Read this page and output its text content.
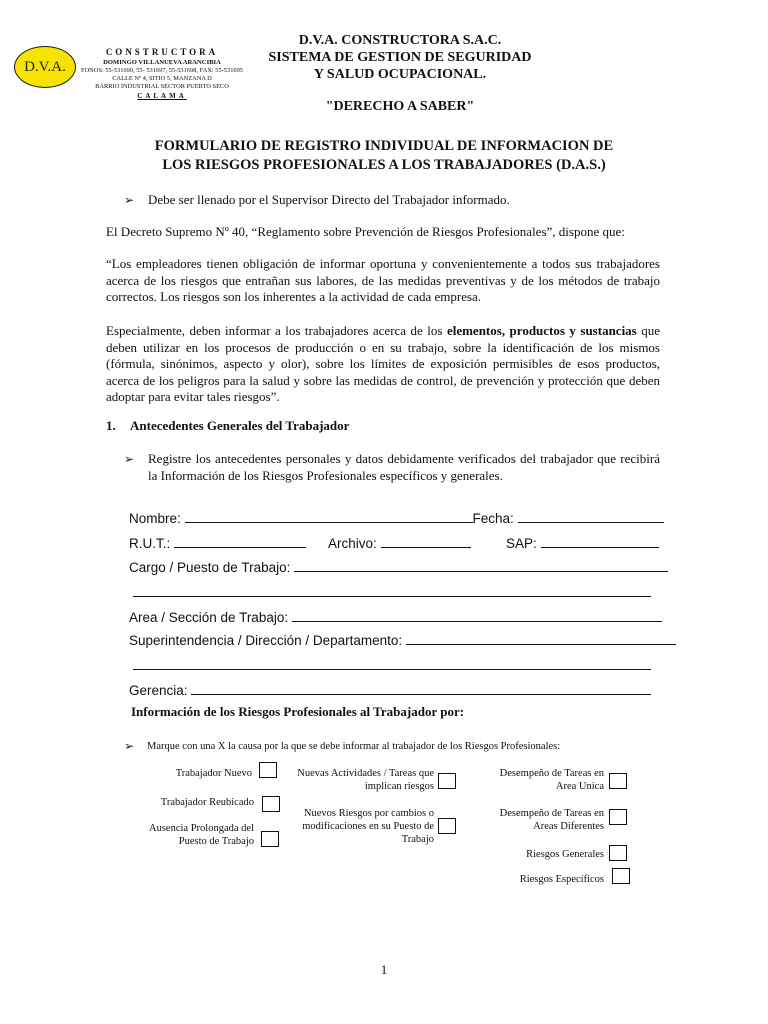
D.V.A.
CONSTRUCTORA
DOMINGO VILLANUEVA ARANCIBIA
FONOS: 55-531690, 55- 531697, 55-531698, FAX: 55-531695
CALLE Nº 4, SITIO 5, MANZANA D
BARRIO INDUSTRIAL SECTOR PUERTO SECO
CALAMA
D.V.A. CONSTRUCTORA S.A.C.
SISTEMA DE GESTION DE SEGURIDAD
Y SALUD OCUPACIONAL.
"DERECHO A SABER"
FORMULARIO DE REGISTRO INDIVIDUAL DE INFORMACION DE
LOS RIESGOS PROFESIONALES A LOS TRABAJADORES (D.A.S.)
➢ Debe ser llenado por el Supervisor Directo del Trabajador informado.
El Decreto Supremo Nº 40, “Reglamento sobre Prevención de Riesgos Profesionales”, dispone que:
“Los empleadores tienen obligación de informar oportuna y convenientemente a todos sus trabajadores acerca de los riesgos que entrañan sus labores, de las medidas preventivas y de los métodos de trabajo correctos. Los riesgos son los inherentes a la actividad de cada empresa.
Especialmente, deben informar a los trabajadores acerca de los elementos, productos y sustancias que deben utilizar en los procesos de producción o en su trabajo, sobre la identificación de los mismos (fórmula, sinónimos, aspecto y olor), sobre los límites de exposición permisibles de esos productos, acerca de los peligros para la salud y sobre las medidas de control, de prevención y protección que deben adoptar para evitar tales riesgos”.
1. Antecedentes Generales del Trabajador
➢ Registre los antecedentes personales y datos debidamente verificados del trabajador que recibirá la Información de los Riesgos Profesionales específicos y generales.
Nombre:	Fecha:
R.U.T.:	Archivo:	SAP:
Cargo / Puesto de Trabajo:
Area / Sección de Trabajo:
Superintendencia / Dirección / Departamento:
Gerencia:
Información de los Riesgos Profesionales al Trabajador por:
➢ Marque con una X la causa por la que se debe informar al trabajador de los Riesgos Profesionales:
Trabajador Nuevo
Trabajador Reubicado
Ausencia Prolongada del Puesto de Trabajo
Nuevas Actividades / Tareas que implican riesgos
Nuevos Riesgos por cambios o modificaciones en su Puesto de Trabajo
Desempeño de Tareas en Area Unica
Desempeño de Tareas en Areas Diferentes
Riesgos Generales
Riesgos Específicos
1
